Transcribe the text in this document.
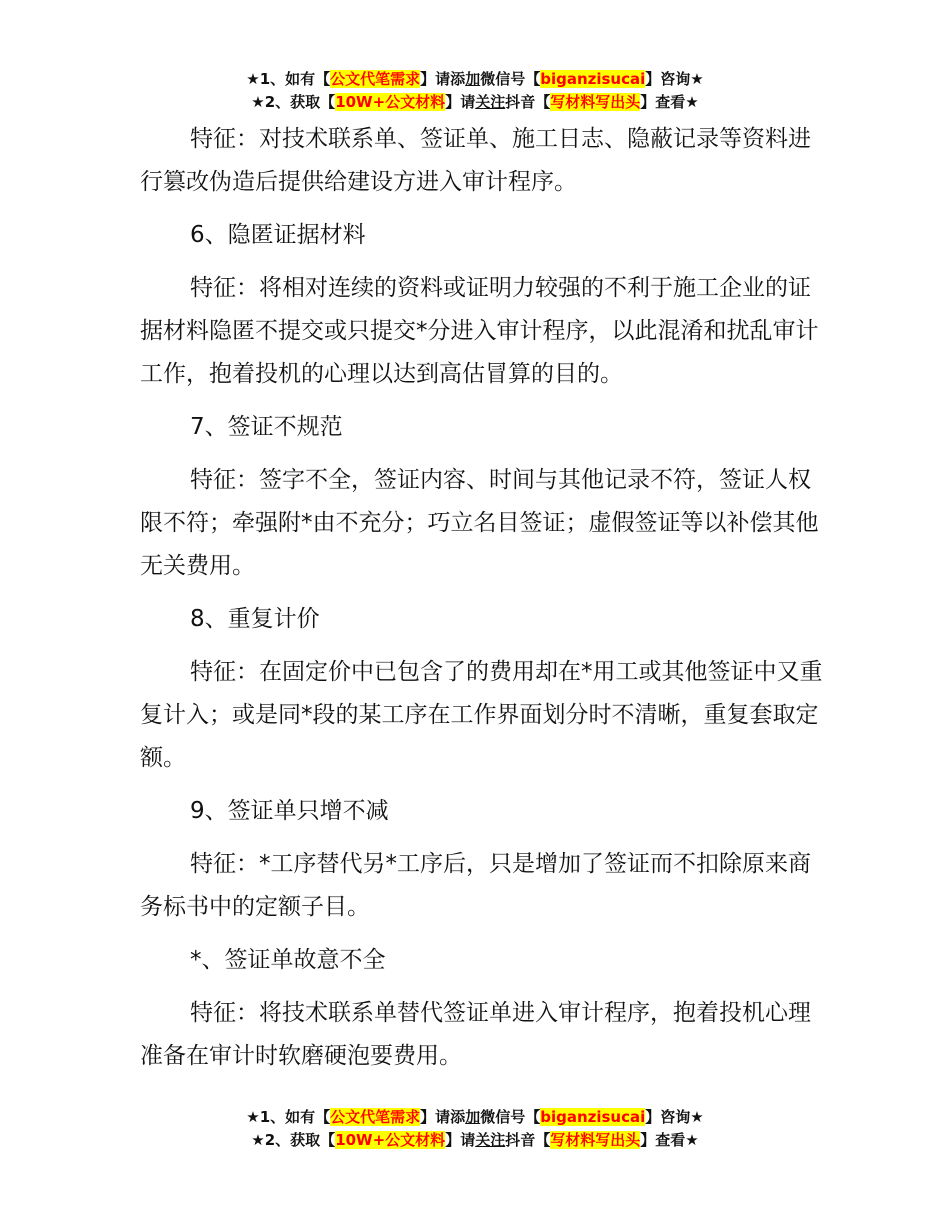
★1、如有【公文代笔需求】请添加微信号【biganzisucai】咨询★
★2、获取【10W+公文材料】请关注抖音【写材料写出头】查看★

特征：对技术联系单、签证单、施工日志、隐蔽记录等资料进行篡改伪造后提供给建设方进入审计程序。

6、隐匿证据材料

特征：将相对连续的资料或证明力较强的不利于施工企业的证据材料隐匿不提交或只提交*分进入审计程序，以此混淆和扰乱审计工作，抱着投机的心理以达到高估冒算的目的。

7、签证不规范

特征：签字不全，签证内容、时间与其他记录不符，签证人权限不符；牵强附*由不充分；巧立名目签证；虚假签证等以补偿其他无关费用。

8、重复计价

特征：在固定价中已包含了的费用却在*用工或其他签证中又重复计入；或是同*段的某工序在工作界面划分时不清晰，重复套取定额。

9、签证单只增不减

特征：*工序替代另*工序后，只是增加了签证而不扣除原来商务标书中的定额子目。

*、签证单故意不全

特征：将技术联系单替代签证单进入审计程序，抱着投机心理准备在审计时软磨硬泡要费用。

★1、如有【公文代笔需求】请添加微信号【biganzisucai】咨询★
★2、获取【10W+公文材料】请关注抖音【写材料写出头】查看★
